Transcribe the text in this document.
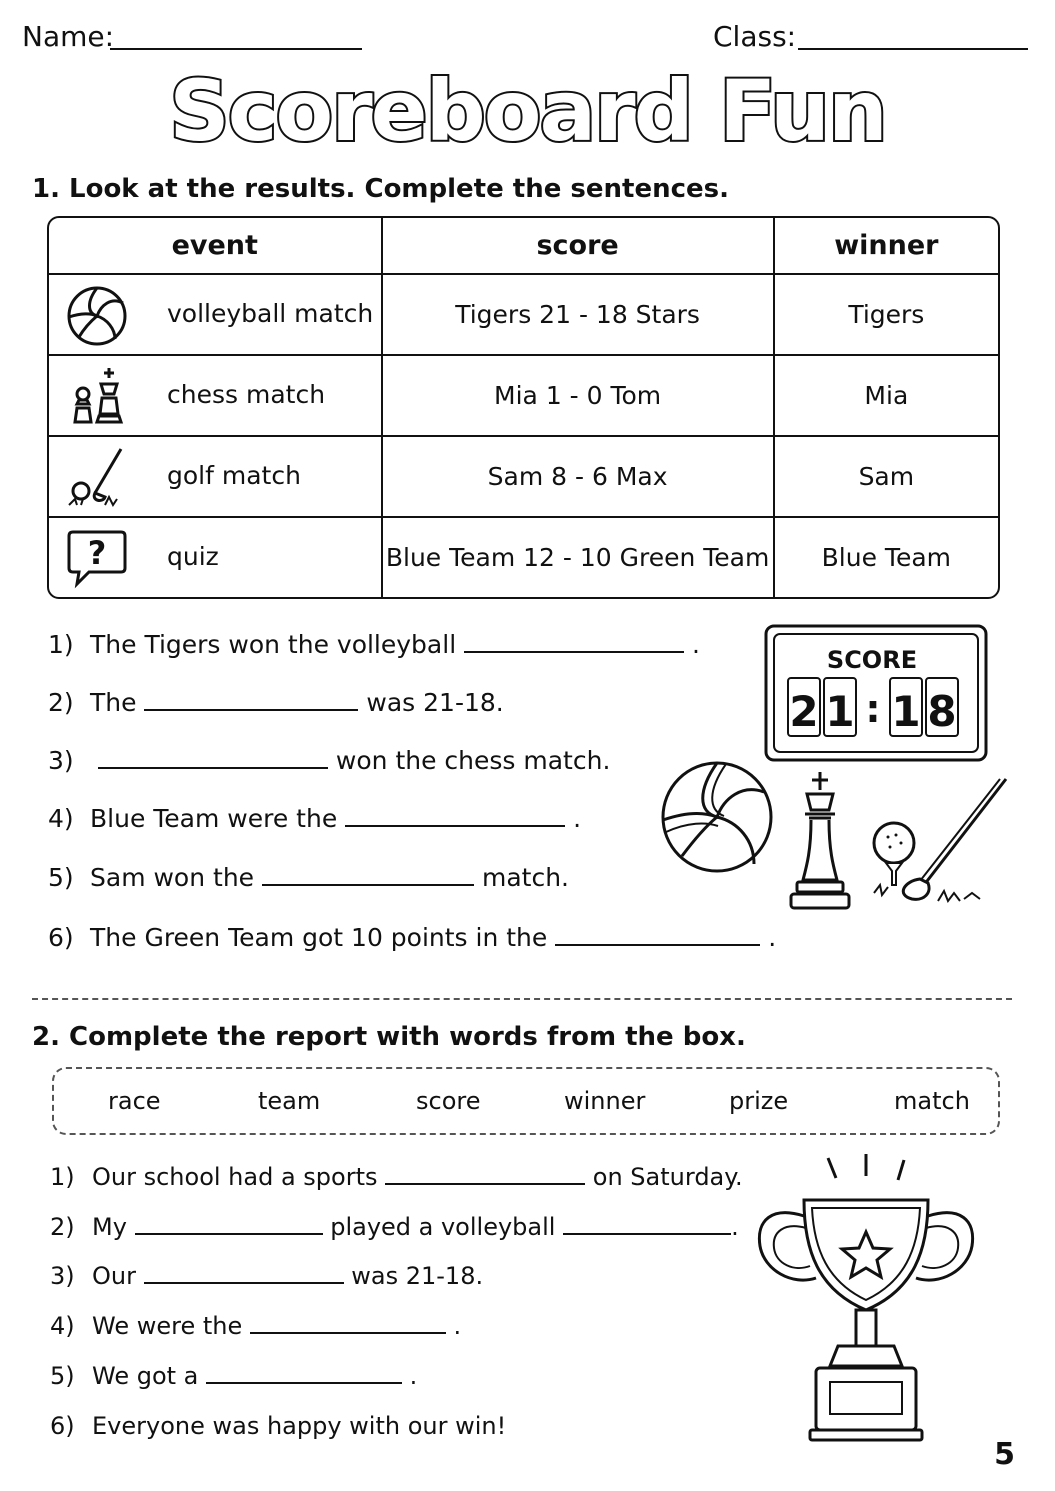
Name:	Class:
Scoreboard Fun
1. Look at the results. Complete the sentences.
event	score	winner

volleyball match	Tigers 21 - 18 Stars	Tigers

chess match	Mia 1 - 0 Tom	Mia

golf match	Sam 8 - 6 Max	Sam

? quiz	Blue Team 12 - 10 Green Team	Blue Team
1) The Tigers won the volleyball	.
2) The	was 21-18.
3)	won the chess match.
4) Blue Team were the	.
5) Sam won the	match.
6) The Green Team got 10 points in the	.
SCORE
2 1 : 1 8
2. Complete the report with words from the box.
race	team	score	winner	prize	match
1) Our school had a sports	on Saturday.
2) My	played a volleyball	.
3) Our	was 21-18.
4) We were the	.
5) We got a	.
6) Everyone was happy with our win!
5
